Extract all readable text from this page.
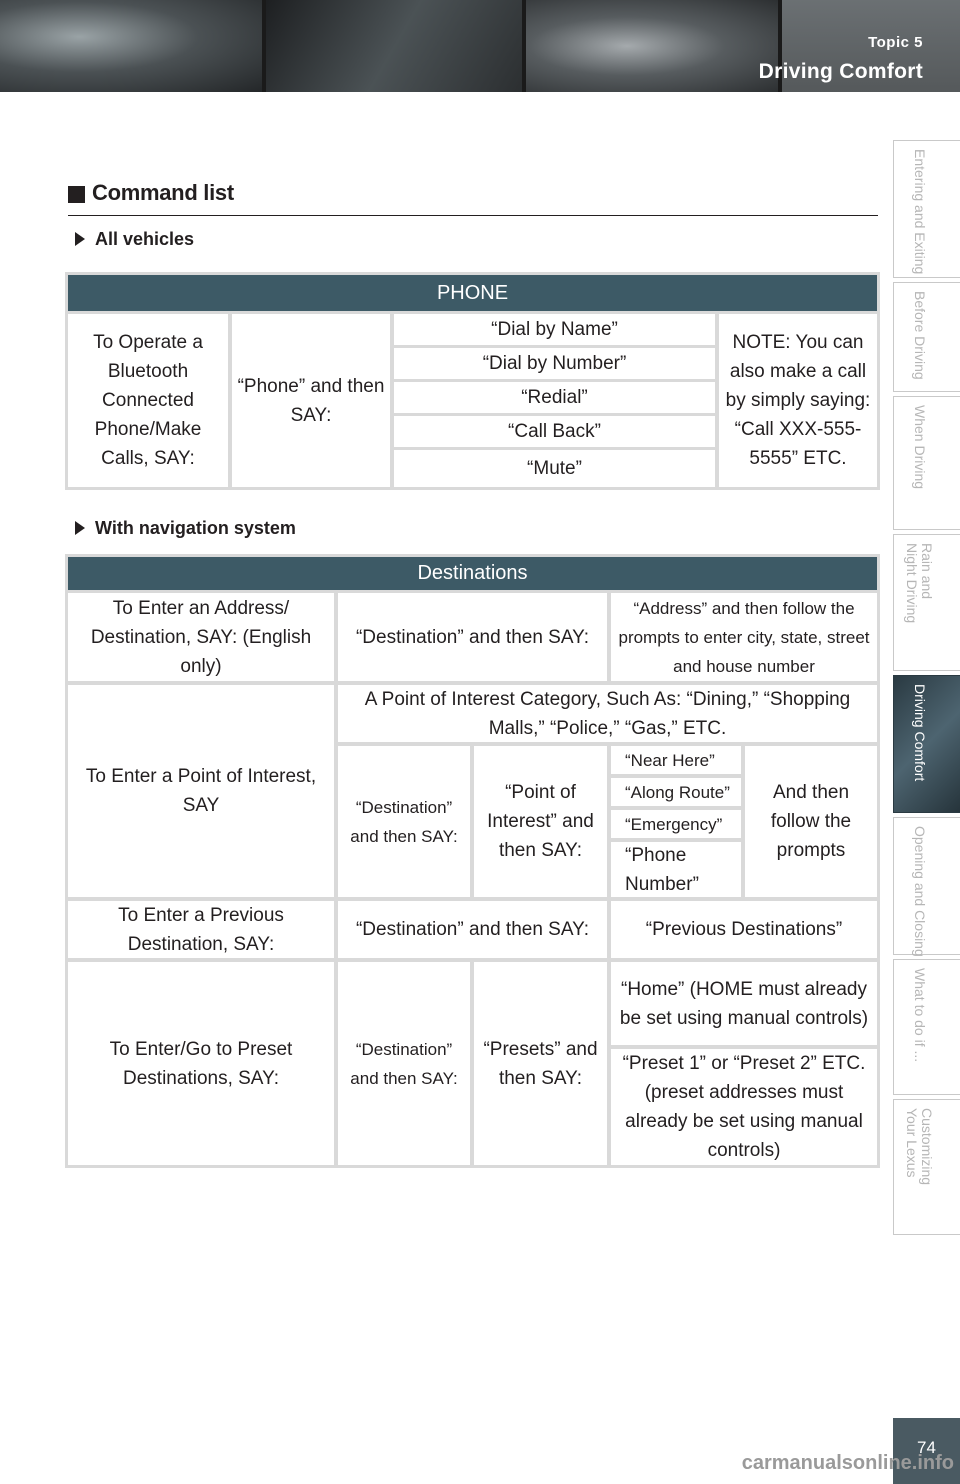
Topic 5
Driving Comfort
Entering and Exiting
Before Driving
When Driving
Rain and
Night Driving
Driving Comfort
Opening and Closing
What to do if ...
Customizing
Your Lexus
Command list
All vehicles
PHONE
To Operate a Bluetooth Connected Phone/Make Calls, SAY:
“Phone” and then SAY:
“Dial by Name”
“Dial by Number”
“Redial”
“Call Back”
“Mute”
NOTE: You can also make a call by simply saying: “Call XXX-555-5555” ETC.
With navigation system
Destinations
To Enter an Address/ Destination, SAY: (English only)
“Destination” and then SAY:
“Address” and then follow the prompts to enter city, state, street and house number
To Enter a Point of Interest, SAY
A Point of Interest Category, Such As: “Dining,” “Shopping Malls,” “Police,” “Gas,” ETC.
“Destination” and then SAY:
“Point of Interest” and then SAY:
“Near Here”
“Along Route”
“Emergency”
“Phone Number”
And then follow the prompts
To Enter a Previous Destination, SAY:
“Destination” and then SAY:	“Previous Destinations”
To Enter/Go to Preset Destinations, SAY:
“Destination” and then SAY:
“Presets” and then SAY:
“Home” (HOME must already be set using manual controls)
“Preset 1” or “Preset 2” ETC. (preset addresses must already be set using manual controls)
74
carmanualsonline.info
